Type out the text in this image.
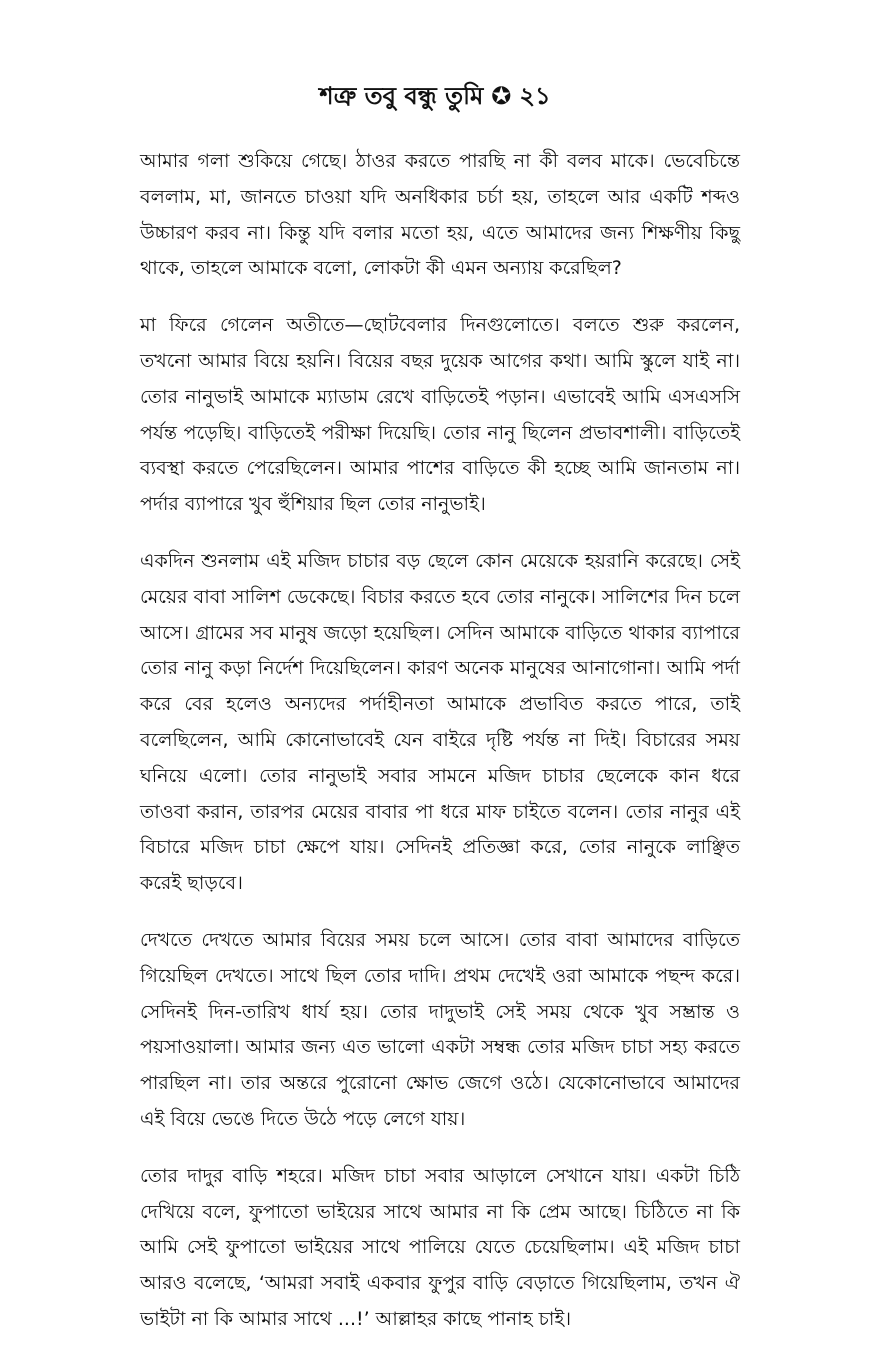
শত্রু তবু বন্ধু তুমি ✪ ২১

আমার গলা শুকিয়ে গেছে। ঠাওর করতে পারছি না কী বলব মাকে। ভেবেচিন্তে বললাম, মা, জানতে চাওয়া যদি অনধিকার চর্চা হয়, তাহলে আর একটি শব্দও উচ্চারণ করব না। কিন্তু যদি বলার মতো হয়, এতে আমাদের জন্য শিক্ষণীয় কিছু থাকে, তাহলে আমাকে বলো, লোকটা কী এমন অন্যায় করেছিল?

মা ফিরে গেলেন অতীতে—ছোটবেলার দিনগুলোতে। বলতে শুরু করলেন, তখনো আমার বিয়ে হয়নি। বিয়ের বছর দুয়েক আগের কথা। আমি স্কুলে যাই না। তোর নানুভাই আমাকে ম্যাডাম রেখে বাড়িতেই পড়ান। এভাবেই আমি এসএসসি পর্যন্ত পড়েছি। বাড়িতেই পরীক্ষা দিয়েছি। তোর নানু ছিলেন প্রভাবশালী। বাড়িতেই ব্যবস্থা করতে পেরেছিলেন। আমার পাশের বাড়িতে কী হচ্ছে আমি জানতাম না। পর্দার ব্যাপারে খুব হুঁশিয়ার ছিল তোর নানুভাই।

একদিন শুনলাম এই মজিদ চাচার বড় ছেলে কোন মেয়েকে হয়রানি করেছে। সেই মেয়ের বাবা সালিশ ডেকেছে। বিচার করতে হবে তোর নানুকে। সালিশের দিন চলে আসে। গ্রামের সব মানুষ জড়ো হয়েছিল। সেদিন আমাকে বাড়িতে থাকার ব্যাপারে তোর নানু কড়া নির্দেশ দিয়েছিলেন। কারণ অনেক মানুষের আনাগোনা। আমি পর্দা করে বের হলেও অন্যদের পর্দাহীনতা আমাকে প্রভাবিত করতে পারে, তাই বলেছিলেন, আমি কোনোভাবেই যেন বাইরে দৃষ্টি পর্যন্ত না দিই। বিচারের সময় ঘনিয়ে এলো। তোর নানুভাই সবার সামনে মজিদ চাচার ছেলেকে কান ধরে তাওবা করান, তারপর মেয়ের বাবার পা ধরে মাফ চাইতে বলেন। তোর নানুর এই বিচারে মজিদ চাচা ক্ষেপে যায়। সেদিনই প্রতিজ্ঞা করে, তোর নানুকে লাঞ্ছিত করেই ছাড়বে।

দেখতে দেখতে আমার বিয়ের সময় চলে আসে। তোর বাবা আমাদের বাড়িতে গিয়েছিল দেখতে। সাথে ছিল তোর দাদি। প্রথম দেখেই ওরা আমাকে পছন্দ করে। সেদিনই দিন-তারিখ ধার্য হয়। তোর দাদুভাই সেই সময় থেকে খুব সম্ভ্রান্ত ও পয়সাওয়ালা। আমার জন্য এত ভালো একটা সম্বন্ধ তোর মজিদ চাচা সহ্য করতে পারছিল না। তার অন্তরে পুরোনো ক্ষোভ জেগে ওঠে। যেকোনোভাবে আমাদের এই বিয়ে ভেঙে দিতে উঠে পড়ে লেগে যায়।

তোর দাদুর বাড়ি শহরে। মজিদ চাচা সবার আড়ালে সেখানে যায়। একটা চিঠি দেখিয়ে বলে, ফুপাতো ভাইয়ের সাথে আমার না কি প্রেম আছে। চিঠিতে না কি আমি সেই ফুপাতো ভাইয়ের সাথে পালিয়ে যেতে চেয়েছিলাম। এই মজিদ চাচা আরও বলেছে, ‘আমরা সবাই একবার ফুপুর বাড়ি বেড়াতে গিয়েছিলাম, তখন ঐ ভাইটা না কি আমার সাথে ...!’ আল্লাহর কাছে পানাহ চাই।
